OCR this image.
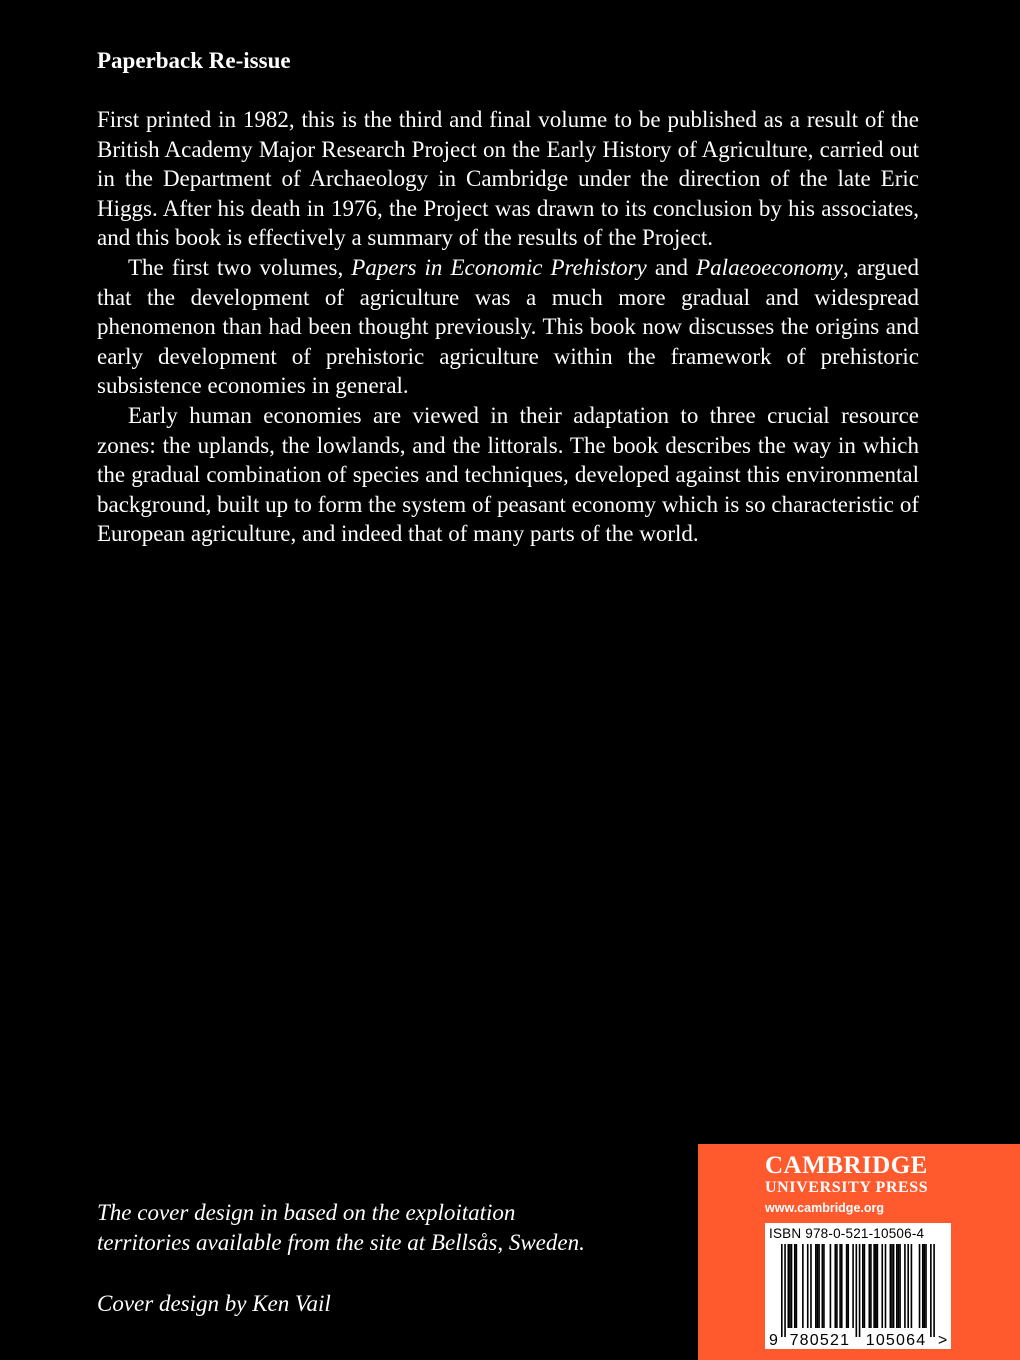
Paperback Re-issue

First printed in 1982, this is the third and final volume to be published as a result of the British Academy Major Research Project on the Early History of Agriculture, carried out in the Department of Archaeology in Cambridge under the direction of the late Eric Higgs. After his death in 1976, the Project was drawn to its conclusion by his associates, and this book is effectively a summary of the results of the Project.

The first two volumes, Papers in Economic Prehistory and Palaeoeconomy, argued that the development of agriculture was a much more gradual and widespread phenomenon than had been thought previously. This book now discusses the origins and early development of prehistoric agriculture within the framework of prehistoric subsistence economies in general.

Early human economies are viewed in their adaptation to three crucial resource zones: the uplands, the lowlands, and the littorals. The book describes the way in which the gradual combination of species and techniques, developed against this environmental background, built up to form the system of peasant economy which is so characteristic of European agriculture, and indeed that of many parts of the world.

The cover design in based on the exploitation
territories available from the site at Bellsås, Sweden.

Cover design by Ken Vail

CAMBRIDGE
UNIVERSITY PRESS
www.cambridge.org
ISBN 978-0-521-10506-4
9 780521 105064 >
